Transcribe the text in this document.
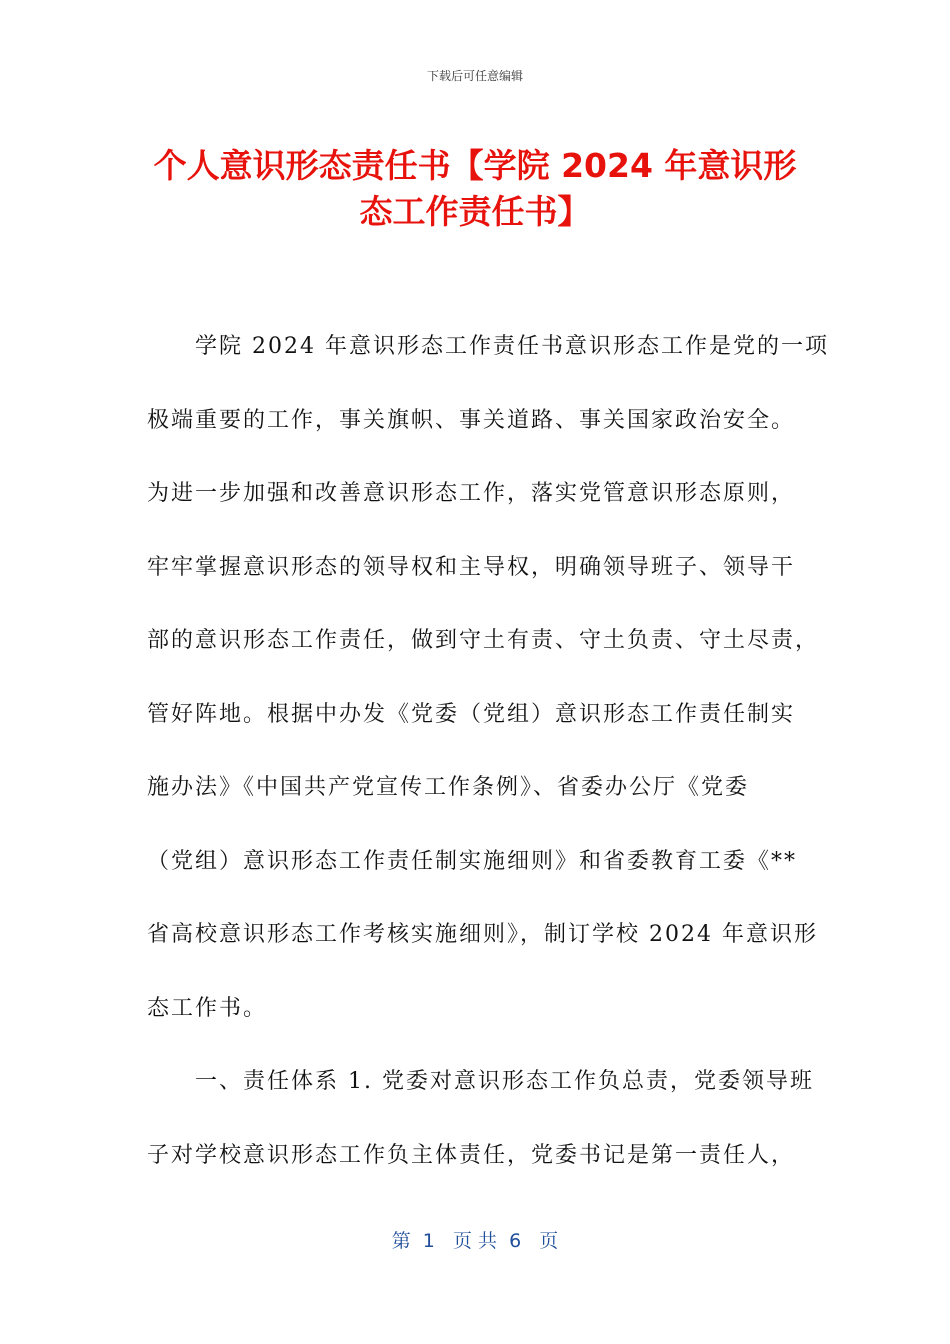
下载后可任意编辑
个人意识形态责任书【学院 2024 年意识形
态工作责任书】
　　学院 2024 年意识形态工作责任书意识形态工作是党的一项
极端重要的工作，事关旗帜、事关道路、事关国家政治安全。
为进一步加强和改善意识形态工作，落实党管意识形态原则，
牢牢掌握意识形态的领导权和主导权，明确领导班子、领导干
部的意识形态工作责任，做到守土有责、守土负责、守土尽责，
管好阵地。根据中办发《党委（党组）意识形态工作责任制实
施办法》《中国共产党宣传工作条例》、省委办公厅《党委
（党组）意识形态工作责任制实施细则》和省委教育工委《**
省高校意识形态工作考核实施细则》，制订学校 2024 年意识形
态工作书。
　　一、责任体系 1. 党委对意识形态工作负总责，党委领导班
子对学校意识形态工作负主体责任，党委书记是第一责任人，
第  1   页 共  6   页
